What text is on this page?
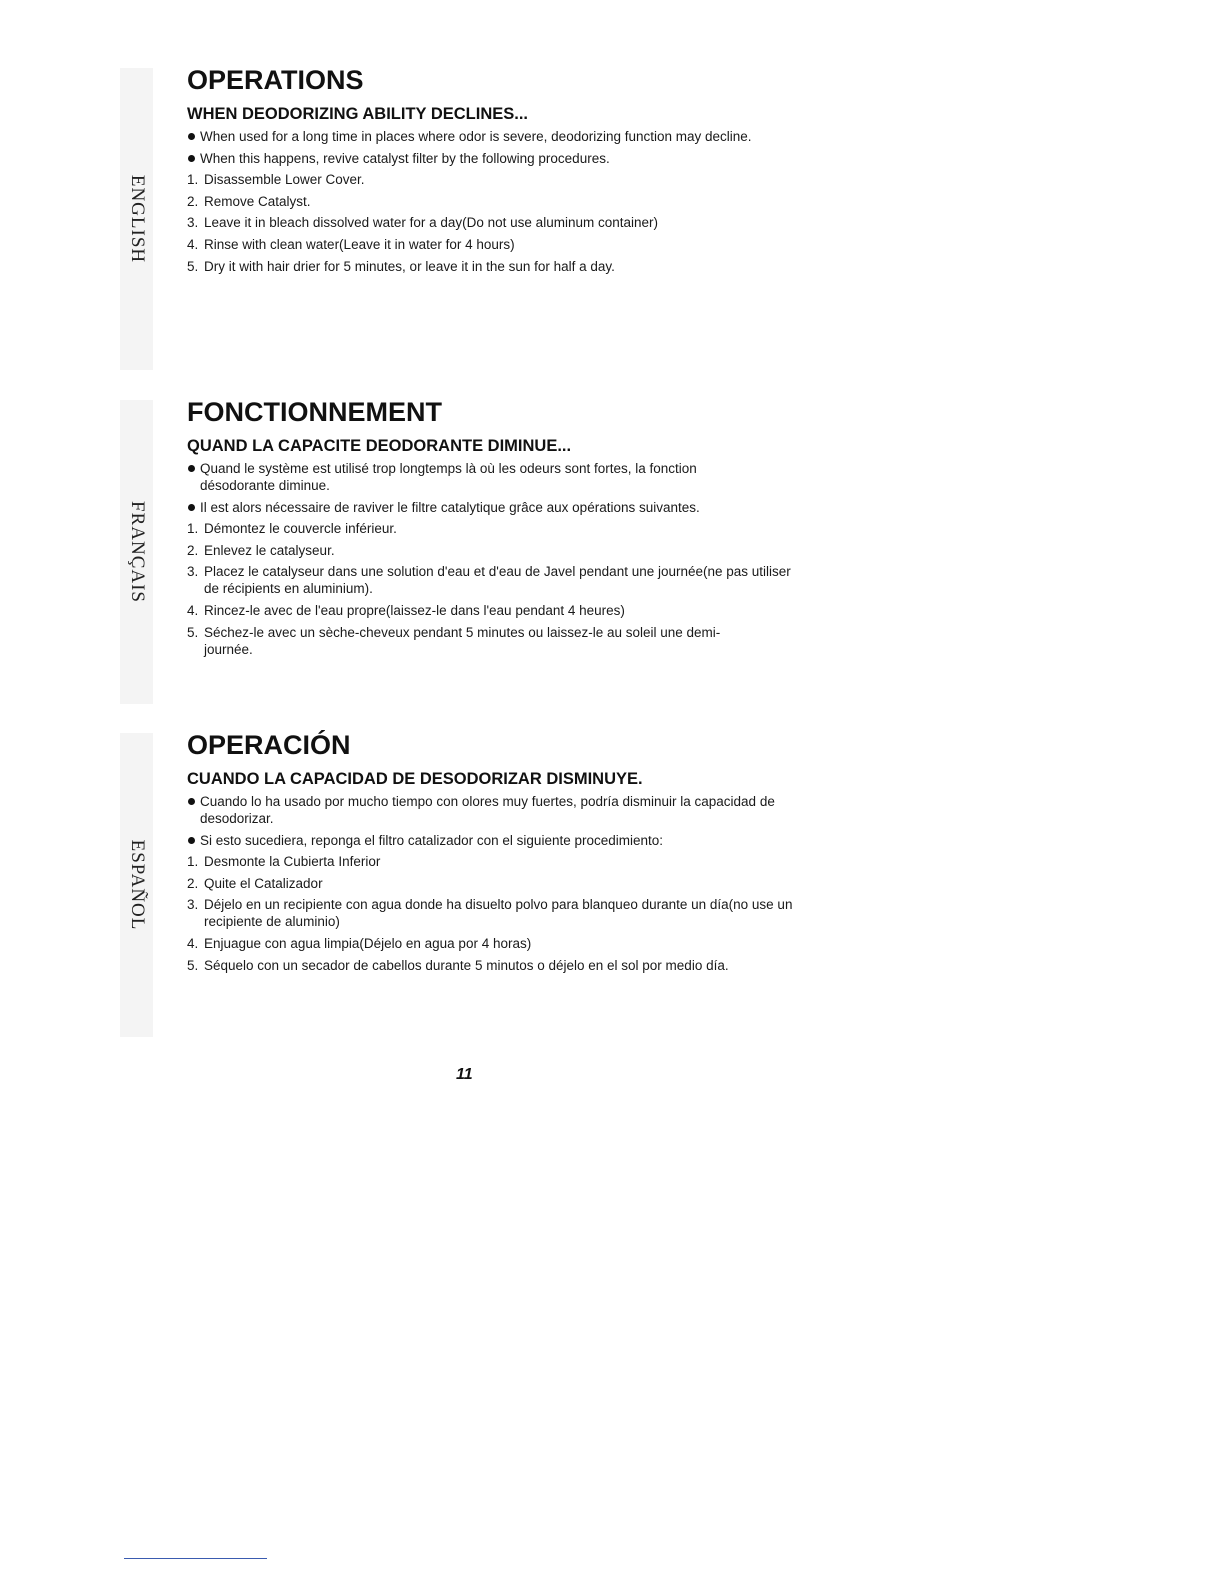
ENGLISH
FRANÇAIS
ESPAÑOL
OPERATIONS
WHEN DEODORIZING ABILITY DECLINES...
When used for a long time in places where odor is severe, deodorizing function may decline.
When this happens, revive catalyst filter by the following procedures.
1. Disassemble Lower Cover.
2. Remove Catalyst.
3. Leave it in bleach dissolved water for a day(Do not use aluminum container)
4. Rinse with clean water(Leave it in water for 4 hours)
5. Dry it with hair drier for 5 minutes, or leave it in the sun for half a day.
FONCTIONNEMENT
QUAND LA CAPACITE DEODORANTE DIMINUE...
Quand le système est utilisé trop longtemps là où les odeurs sont fortes, la fonction désodorante diminue.
Il est alors nécessaire de raviver le filtre catalytique grâce aux opérations suivantes.
1. Démontez le couvercle inférieur.
2. Enlevez le catalyseur.
3. Placez le catalyseur dans une solution d'eau et d'eau de Javel pendant une journée(ne pas utiliser de récipients en aluminium).
4. Rincez-le avec de l'eau propre(laissez-le dans l'eau pendant 4 heures)
5. Séchez-le avec un sèche-cheveux pendant 5 minutes ou laissez-le au soleil une demi-journée.
OPERACIÓN
CUANDO LA CAPACIDAD DE DESODORIZAR DISMINUYE.
Cuando lo ha usado por mucho tiempo con olores muy fuertes, podría disminuir la capacidad de desodorizar.
Si esto sucediera, reponga el filtro catalizador con el siguiente procedimiento:
1. Desmonte la Cubierta Inferior
2. Quite el Catalizador
3. Déjelo en un recipiente con agua donde ha disuelto polvo para blanqueo durante un día(no use un recipiente de aluminio)
4. Enjuague con agua limpia(Déjelo en agua por 4 horas)
5. Séquelo con un secador de cabellos durante 5 minutos o déjelo en el sol por medio día.
11
